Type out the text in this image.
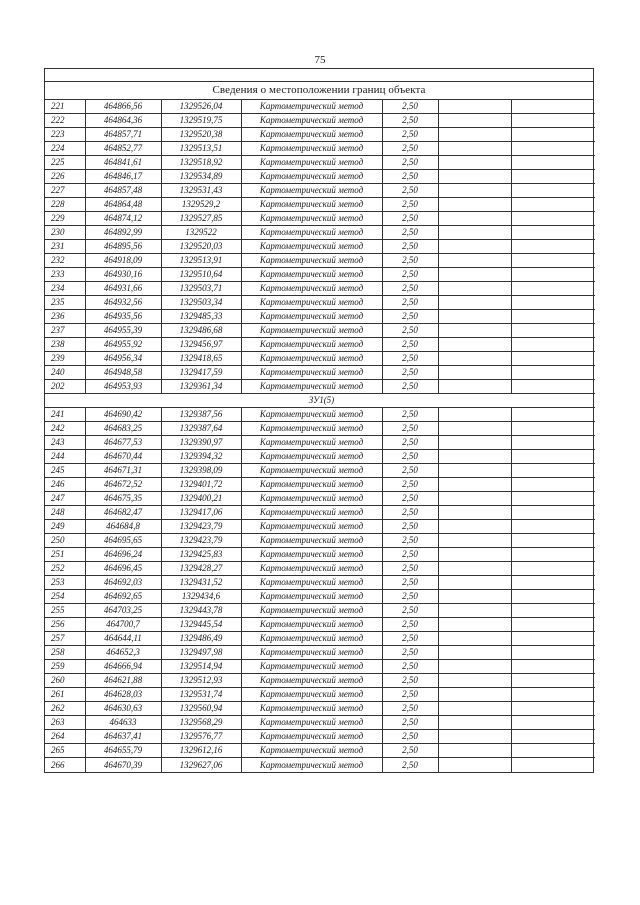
75
Сведения о местоположении границ объекта
221	464866,56	1329526,04	Картометрический метод	2,50		
222	464864,36	1329519,75	Картометрический метод	2,50		
223	464857,71	1329520,38	Картометрический метод	2,50		
224	464852,77	1329513,51	Картометрический метод	2,50		
225	464841,61	1329518,92	Картометрический метод	2,50		
226	464846,17	1329534,89	Картометрический метод	2,50		
227	464857,48	1329531,43	Картометрический метод	2,50		
228	464864,48	1329529,2	Картометрический метод	2,50		
229	464874,12	1329527,85	Картометрический метод	2,50		
230	464892,99	1329522	Картометрический метод	2,50		
231	464895,56	1329520,03	Картометрический метод	2,50		
232	464918,09	1329513,91	Картометрический метод	2,50		
233	464930,16	1329510,64	Картометрический метод	2,50		
234	464931,66	1329503,71	Картометрический метод	2,50		
235	464932,56	1329503,34	Картометрический метод	2,50		
236	464935,56	1329485,33	Картометрический метод	2,50		
237	464955,39	1329486,68	Картометрический метод	2,50		
238	464955,92	1329456,97	Картометрический метод	2,50		
239	464956,34	1329418,65	Картометрический метод	2,50		
240	464948,58	1329417,59	Картометрический метод	2,50		
202	464953,93	1329361,34	Картометрический метод	2,50		
ЗУ1(5)						
241	464690,42	1329387,56	Картометрический метод	2,50		
242	464683,25	1329387,64	Картометрический метод	2,50		
243	464677,53	1329390,97	Картометрический метод	2,50		
244	464670,44	1329394,32	Картометрический метод	2,50		
245	464671,31	1329398,09	Картометрический метод	2,50		
246	464672,52	1329401,72	Картометрический метод	2,50		
247	464675,35	1329400,21	Картометрический метод	2,50		
248	464682,47	1329417,06	Картометрический метод	2,50		
249	464684,8	1329423,79	Картометрический метод	2,50		
250	464695,65	1329423,79	Картометрический метод	2,50		
251	464696,24	1329425,83	Картометрический метод	2,50		
252	464696,45	1329428,27	Картометрический метод	2,50		
253	464692,03	1329431,52	Картометрический метод	2,50		
254	464692,65	1329434,6	Картометрический метод	2,50		
255	464703,25	1329443,78	Картометрический метод	2,50		
256	464700,7	1329445,54	Картометрический метод	2,50		
257	464644,11	1329486,49	Картометрический метод	2,50		
258	464652,3	1329497,98	Картометрический метод	2,50		
259	464666,94	1329514,94	Картометрический метод	2,50		
260	464621,88	1329512,93	Картометрический метод	2,50		
261	464628,03	1329531,74	Картометрический метод	2,50		
262	464630,63	1329560,94	Картометрический метод	2,50		
263	464633	1329568,29	Картометрический метод	2,50		
264	464637,41	1329576,77	Картометрический метод	2,50		
265	464655,79	1329612,16	Картометрический метод	2,50		
266	464670,39	1329627,06	Картометрический метод	2,50		
